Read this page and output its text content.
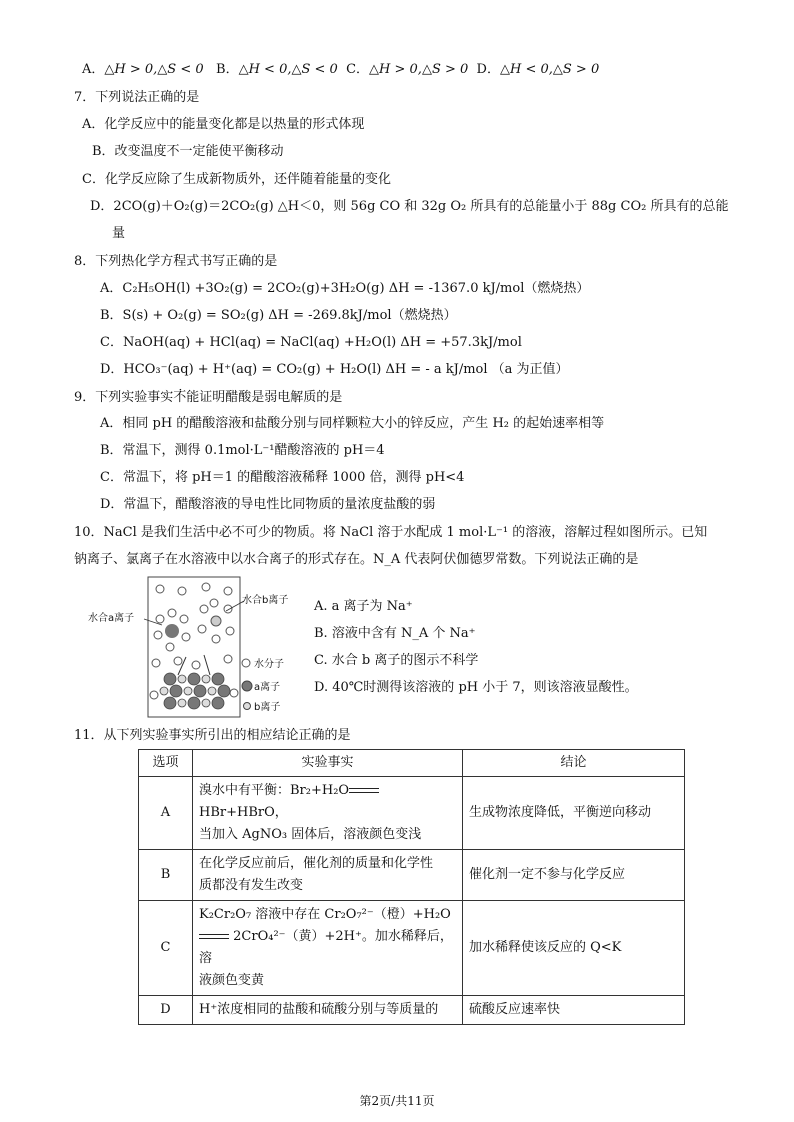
A．△H > 0,△S < 0 B．△H < 0,△S < 0 C．△H > 0,△S > 0 D．△H < 0,△S > 0
7．下列说法正确的是
A．化学反应中的能量变化都是以热量的形式体现
B．改变温度不一定能使平衡移动
C．化学反应除了生成新物质外，还伴随着能量的变化
D．2CO(g)＋O₂(g)＝2CO₂(g) △H＜0，则 56g CO 和 32g O₂ 所具有的总能量小于 88g CO₂ 所具有的总能
量
8．下列热化学方程式书写正确的是
A．C₂H₅OH(l) +3O₂(g) = 2CO₂(g)+3H₂O(g) ΔH = -1367.0 kJ/mol（燃烧热）
B．S(s) + O₂(g) = SO₂(g) ΔH = -269.8kJ/mol（燃烧热）
C．NaOH(aq) + HCl(aq) = NaCl(aq) +H₂O(l) ΔH = +57.3kJ/mol
D．HCO₃⁻(aq) + H⁺(aq) = CO₂(g) + H₂O(l) ΔH = - a kJ/mol （a 为正值）
9．下列实验事实不能证明醋酸是弱电解质的是
A．相同 pH 的醋酸溶液和盐酸分别与同样颗粒大小的锌反应，产生 H₂ 的起始速率相等
B．常温下，测得 0.1mol·L⁻¹醋酸溶液的 pH＝4
C．常温下，将 pH＝1 的醋酸溶液稀释 1000 倍，测得 pH<4
D．常温下，醋酸溶液的导电性比同物质的量浓度盐酸的弱
10．NaCl 是我们生活中必不可少的物质。将 NaCl 溶于水配成 1 mol·L⁻¹ 的溶液，溶解过程如图所示。已知
钠离子、氯离子在水溶液中以水合离子的形式存在。N_A 代表阿伏伽德罗常数。下列说法正确的是
水合a离子
水合b离子
水分子
a离子
b离子
A. a 离子为 Na⁺
B. 溶液中含有 N_A 个 Na⁺
C. 水合 b 离子的图示不科学
D. 40℃时测得该溶液的 pH 小于 7，则该溶液显酸性。
11．从下列实验事实所引出的相应结论正确的是
选项	实验事实	结论
A	溴水中有平衡：Br₂+H₂OHBr+HBrO，
当加入 AgNO₃ 固体后，溶液颜色变浅	生成物浓度降低，平衡逆向移动
B	在化学反应前后，催化剂的质量和化学性
质都没有发生改变	催化剂一定不参与化学反应
C	K₂Cr₂O₇ 溶液中存在 Cr₂O₇²⁻（橙）+H₂O
2CrO₄²⁻（黄）+2H⁺。加水稀释后，溶
液颜色变黄	加水稀释使该反应的 Q<K
D	H⁺浓度相同的盐酸和硫酸分别与等质量的	硫酸反应速率快
第2页/共11页
